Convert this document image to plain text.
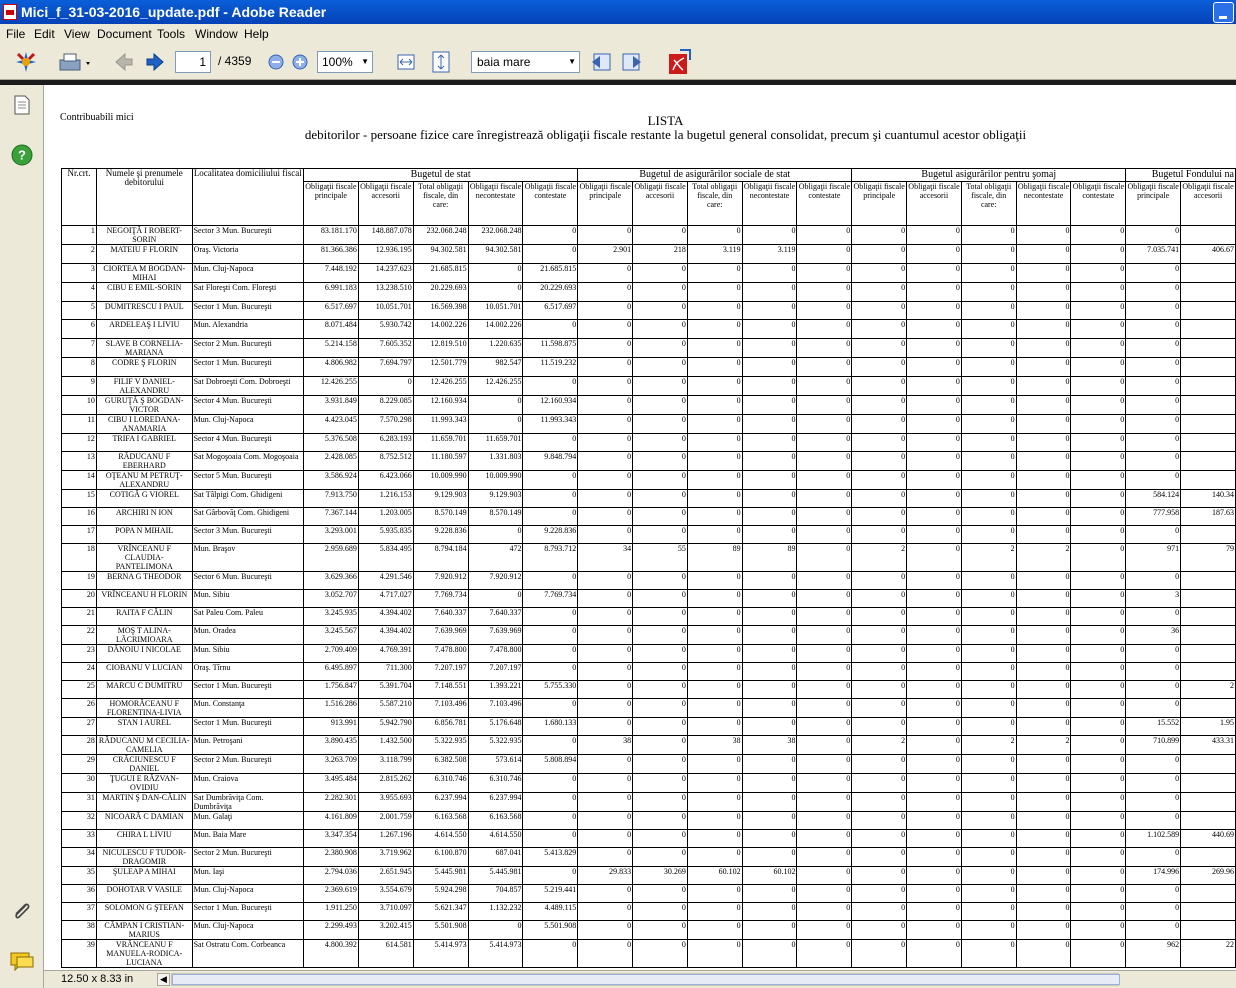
Mici_f_31-03-2016_update.pdf - Adobe Reader
File Edit View Document Tools Window Help
1	/ 4359	100% ▼	baia mare	▼
?
Contribuabili mici	LISTA
debitorilor - persoane fizice care înregistrează obligaţii fiscale restante la bugetul general consolidat, precum şi cuantumul acestor obligaţii
Nr.crt.	Numele şi prenumele debitorului	Localitatea domiciliului fiscal	Bugetul de stat					Bugetul de asigurărilor sociale de stat					Bugetul asigurărilor pentru şomaj					Bugetul Fondului na	
			Obligaţii fiscale principale	Obligaţii fiscale accesorii	Total obligaţii fiscale, din care:	Obligaţii fiscale necontestate	Obligaţii fiscale contestate	Obligaţii fiscale principale	Obligaţii fiscale accesorii	Total obligaţii fiscale, din care:	Obligaţii fiscale necontestate	Obligaţii fiscale contestate	Obligaţii fiscale principale	Obligaţii fiscale accesorii	Total obligaţii fiscale, din care:	Obligaţii fiscale necontestate	Obligaţii fiscale contestate	Obligaţii fiscale principale	Obligaţii fiscale accesorii
1	NEGOIŢĂ I ROBERT-SORIN	Sector 3 Mun. Bucureşti	83.181.170	148.887.078	232.068.248	232.068.248	0	0	0	0	0	0	0	0	0	0	0	0	
2	MATEIU F FLORIN	Oraş. Victoria	81.366.386	12.936.195	94.302.581	94.302.581	0	2.901	218	3.119	3.119	0	0	0	0	0	0	7.035.741	406.67
3	CIORTEA M BOGDAN-MIHAI	Mun. Cluj-Napoca	7.448.192	14.237.623	21.685.815	0	21.685.815	0	0	0	0	0	0	0	0	0	0	0	
4	CIBU E EMIL-SORIN	Sat Floreşti Com. Floreşti	6.991.183	13.238.510	20.229.693	0	20.229.693	0	0	0	0	0	0	0	0	0	0	0	
5	DUMITRESCU I PAUL	Sector 1 Mun. Bucureşti	6.517.697	10.051.701	16.569.398	10.051.701	6.517.697	0	0	0	0	0	0	0	0	0	0	0	
6	ARDELEAŞ I LIVIU	Mun. Alexandria	8.071.484	5.930.742	14.002.226	14.002.226	0	0	0	0	0	0	0	0	0	0	0	0	
7	SLAVE B CORNELIA-MARIANA	Sector 2 Mun. Bucureşti	5.214.158	7.605.352	12.819.510	1.220.635	11.598.875	0	0	0	0	0	0	0	0	0	0	0	
8	CODRE Ş FLORIN	Sector 1 Mun. Bucureşti	4.806.982	7.694.797	12.501.779	982.547	11.519.232	0	0	0	0	0	0	0	0	0	0	0	
9	FILIF V DANIEL-ALEXANDRU	Sat Dobroeşti Com. Dobroeşti	12.426.255	0	12.426.255	12.426.255	0	0	0	0	0	0	0	0	0	0	0	0	
10	GURUŢĂ Ş BOGDAN-VICTOR	Sector 4 Mun. Bucureşti	3.931.849	8.229.085	12.160.934	0	12.160.934	0	0	0	0	0	0	0	0	0	0	0	
11	CIBU I LOREDANA-ANAMARIA	Mun. Cluj-Napoca	4.423.045	7.570.298	11.993.343	0	11.993.343	0	0	0	0	0	0	0	0	0	0	0	
12	TRIFA I GABRIEL	Sector 4 Mun. Bucureşti	5.376.508	6.283.193	11.659.701	11.659.701	0	0	0	0	0	0	0	0	0	0	0	0	
13	RĂDUCANU F EBERHARD	Sat Mogoşoaia Com. Mogoşoaia	2.428.085	8.752.512	11.180.597	1.331.803	9.848.794	0	0	0	0	0	0	0	0	0	0	0	
14	OŢEANU M PETRUŢ-ALEXANDRU	Sector 5 Mun. Bucureşti	3.586.924	6.423.066	10.009.990	10.009.990	0	0	0	0	0	0	0	0	0	0	0	0	
15	COTIGĂ G VIOREL	Sat Tâlpigi Com. Ghidigeni	7.913.750	1.216.153	9.129.903	9.129.903	0	0	0	0	0	0	0	0	0	0	0	584.124	140.34
16	ARCHIRI N ION	Sat Gârbovăţ Com. Ghidigeni	7.367.144	1.203.005	8.570.149	8.570.149	0	0	0	0	0	0	0	0	0	0	0	777.958	187.63
17	POPA N MIHAIL	Sector 3 Mun. Bucureşti	3.293.001	5.935.835	9.228.836	0	9.228.836	0	0	0	0	0	0	0	0	0	0	0	
18	VRÎNCEANU F CLAUDIA-PANTELIMONA	Mun. Braşov	2.959.689	5.834.495	8.794.184	472	8.793.712	34	55	89	89	0	2	0	2	2	0	971	79
19	BERNA G THEODOR	Sector 6 Mun. Bucureşti	3.629.366	4.291.546	7.920.912	7.920.912	0	0	0	0	0	0	0	0	0	0	0	0	
20	VRÎNCEANU H FLORIN	Mun. Sibiu	3.052.707	4.717.027	7.769.734	0	7.769.734	0	0	0	0	0	0	0	0	0	0	3	
21	RAITA F CĂLIN	Sat Paleu Com. Paleu	3.245.935	4.394.402	7.640.337	7.640.337	0	0	0	0	0	0	0	0	0	0	0	0	
22	MOŞ T ALINA-LĂCRIMIOARA	Mun. Oradea	3.245.567	4.394.402	7.639.969	7.639.969	0	0	0	0	0	0	0	0	0	0	0	36	
23	DĂNOIU I NICOLAE	Mun. Sibiu	2.709.409	4.769.391	7.478.800	7.478.800	0	0	0	0	0	0	0	0	0	0	0	0	
24	CIOBANU V LUCIAN	Oraş. Tîrnu	6.495.897	711.300	7.207.197	7.207.197	0	0	0	0	0	0	0	0	0	0	0	0	
25	MARCU C DUMITRU	Sector 1 Mun. Bucureşti	1.756.847	5.391.704	7.148.551	1.393.221	5.755.330	0	0	0	0	0	0	0	0	0	0	0	2
26	HOMORĂCEANU F FLORENTINA-LIVIA	Mun. Constanţa	1.516.286	5.587.210	7.103.496	7.103.496	0	0	0	0	0	0	0	0	0	0	0	0	
27	STAN I AUREL	Sector 1 Mun. Bucureşti	913.991	5.942.790	6.856.781	5.176.648	1.680.133	0	0	0	0	0	0	0	0	0	0	15.552	1.95
28	RĂDUCANU M CECILIA-CAMELIA	Mun. Petroşani	3.890.435	1.432.500	5.322.935	5.322.935	0	38	0	38	38	0	2	0	2	2	0	710.899	433.31
29	CRĂCIUNESCU F DANIEL	Sector 2 Mun. Bucureşti	3.263.709	3.118.799	6.382.508	573.614	5.808.894	0	0	0	0	0	0	0	0	0	0	0	
30	ŢUGUI E RĂZVAN-OVIDIU	Mun. Craiova	3.495.484	2.815.262	6.310.746	6.310.746	0	0	0	0	0	0	0	0	0	0	0	0	
31	MARTIN Ş DAN-CĂLIN	Sat Dumbrăviţa Com. Dumbrăviţa	2.282.301	3.955.693	6.237.994	6.237.994	0	0	0	0	0	0	0	0	0	0	0	0	
32	NICOARĂ C DAMIAN	Mun. Galaţi	4.161.809	2.001.759	6.163.568	6.163.568	0	0	0	0	0	0	0	0	0	0	0	0	
33	CHIRA L LIVIU	Mun. Baia Mare	3.347.354	1.267.196	4.614.550	4.614.550	0	0	0	0	0	0	0	0	0	0	0	1.102.589	440.69
34	NICULESCU F TUDOR-DRAGOMIR	Sector 2 Mun. Bucureşti	2.380.908	3.719.962	6.100.870	687.041	5.413.829	0	0	0	0	0	0	0	0	0	0	0	
35	ŞULEAP A MIHAI	Mun. Iaşi	2.794.036	2.651.945	5.445.981	5.445.981	0	29.833	30.269	60.102	60.102	0	0	0	0	0	0	174.996	269.96
36	DOHOTAR V VASILE	Mun. Cluj-Napoca	2.369.619	3.554.679	5.924.298	704.857	5.219.441	0	0	0	0	0	0	0	0	0	0	0	
37	SOLOMON G ŞTEFAN	Sector 1 Mun. Bucureşti	1.911.250	3.710.097	5.621.347	1.132.232	4.489.115	0	0	0	0	0	0	0	0	0	0	0	
38	CÂMPAN I CRISTIAN-MARIUS	Mun. Cluj-Napoca	2.299.493	3.202.415	5.501.908	0	5.501.908	0	0	0	0	0	0	0	0	0	0	0	
39	VRÂNCEANU F MANUELA-RODICA-LUCIANA	Sat Ostratu Com. Corbeanca	4.800.392	614.581	5.414.973	5.414.973	0	0	0	0	0	0	0	0	0	0	0	962	22
12.50 x 8.33 in	◀
